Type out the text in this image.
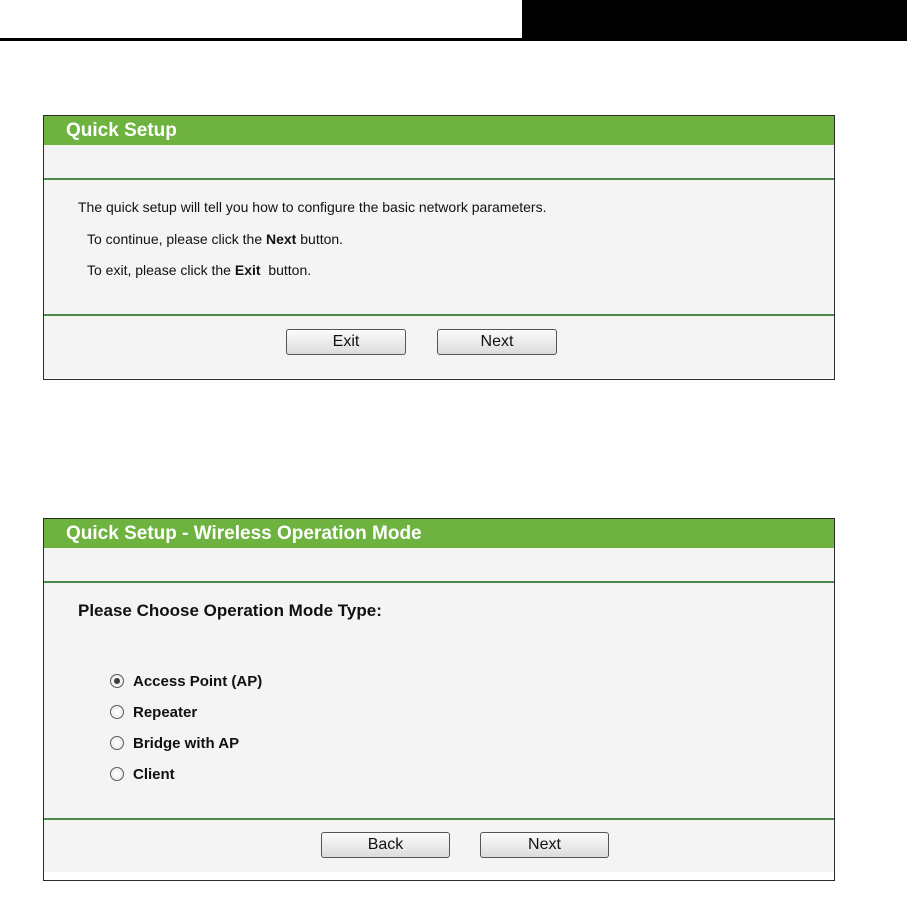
Quick Setup
The quick setup will tell you how to configure the basic network parameters.
To continue, please click the Next button.
To exit, please click the Exit  button.
Exit	Next
Quick Setup - Wireless Operation Mode
Please Choose Operation Mode Type:
Access Point (AP)
Repeater
Bridge with AP
Client
Back	Next
